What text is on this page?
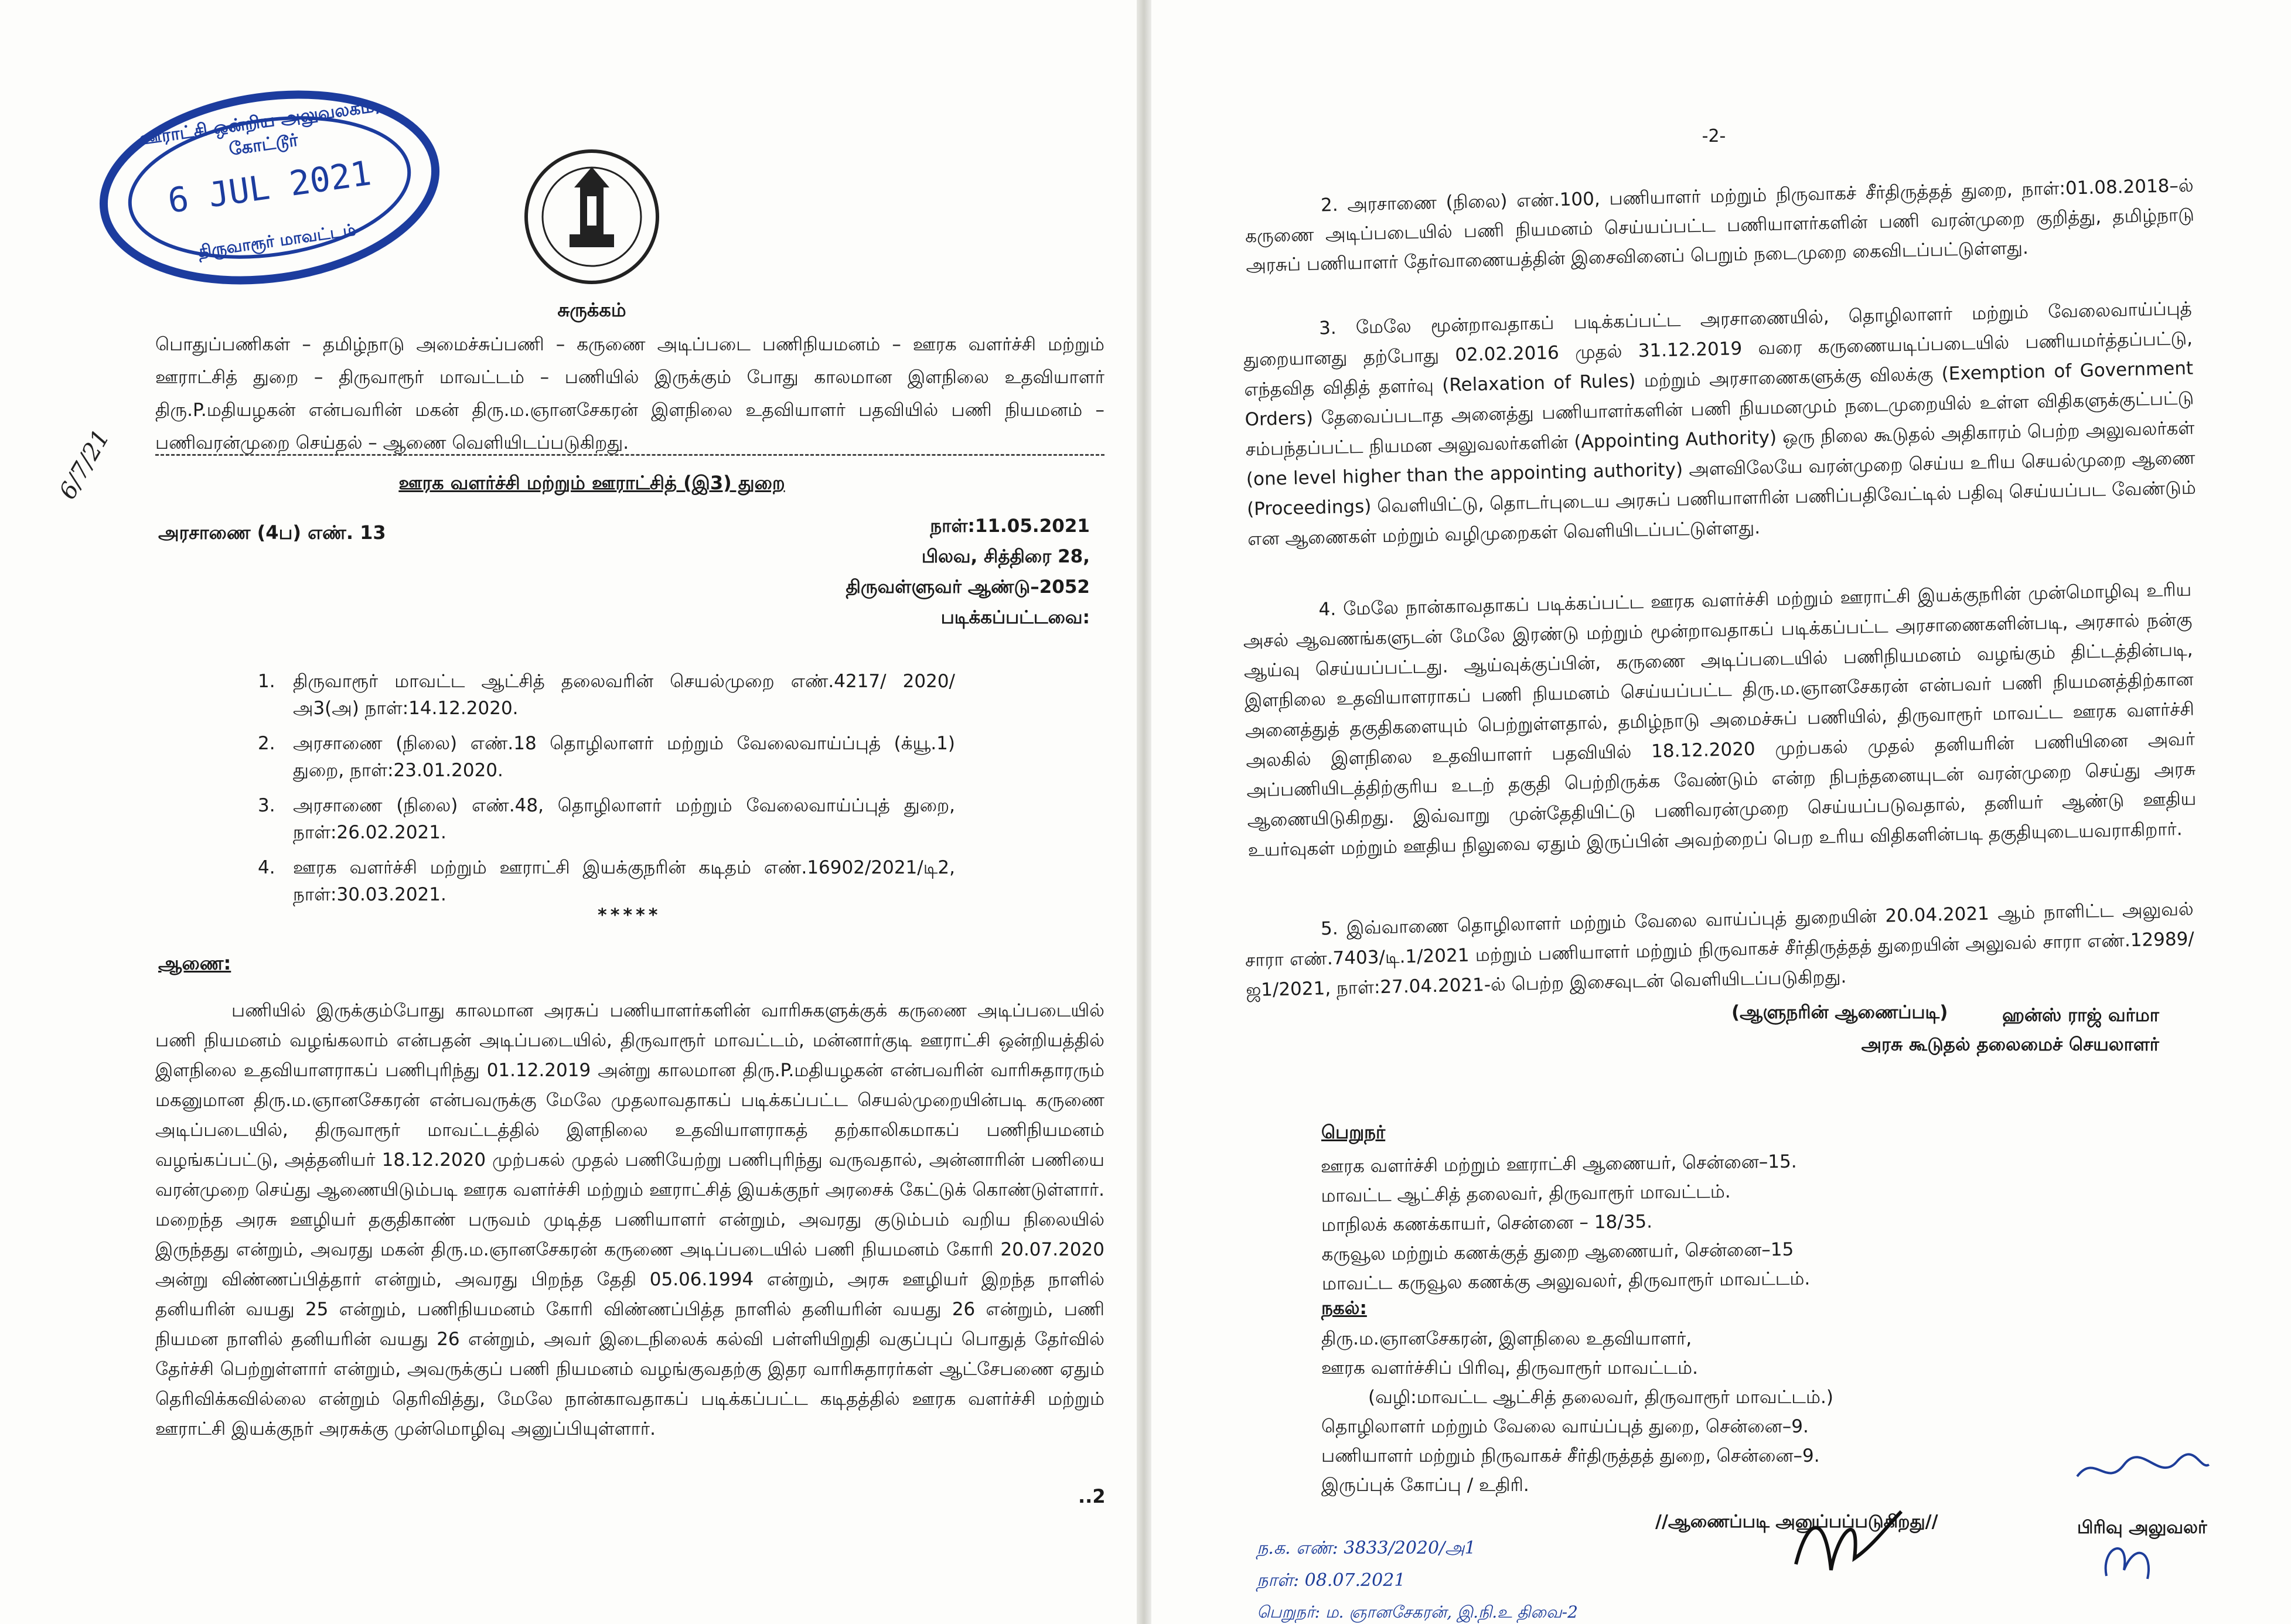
ஊராட்சி ஒன்றிய அலுவலகம், கோட்டூர்
6 JUL 2021
திருவாரூர் மாவட்டம்
6/7/21
சுருக்கம்
பொதுப்பணிகள் – தமிழ்நாடு அமைச்சுப்பணி – கருணை அடிப்படை பணிநியமனம் – ஊரக வளர்ச்சி மற்றும் ஊராட்சித் துறை – திருவாரூர் மாவட்டம் – பணியில் இருக்கும் போது காலமான இளநிலை உதவியாளர் திரு.P.மதியழகன் என்பவரின் மகன் திரு.ம.ஞானசேகரன் இளநிலை உதவியாளர் பதவியில் பணி நியமனம் – பணிவரன்முறை செய்தல் – ஆணை வெளியிடப்படுகிறது.
ஊரக வளர்ச்சி மற்றும் ஊராட்சித் (இ3) துறை
அரசாணை (4ப) எண். 13	நாள்:11.05.2021
பிலவ, சித்திரை 28,
திருவள்ளுவர் ஆண்டு–2052
படிக்கப்பட்டவை:
1. திருவாரூர் மாவட்ட ஆட்சித் தலைவரின் செயல்முறை எண்.4217/ 2020/அ3(அ) நாள்:14.12.2020.
2. அரசாணை (நிலை) எண்.18 தொழிலாளர் மற்றும் வேலைவாய்ப்புத் (க்யூ.1) துறை, நாள்:23.01.2020.
3. அரசாணை (நிலை) எண்.48, தொழிலாளர் மற்றும் வேலைவாய்ப்புத் துறை, நாள்:26.02.2021.
4. ஊரக வளர்ச்சி மற்றும் ஊராட்சி இயக்குநரின் கடிதம் எண்.16902/2021/டி2, நாள்:30.03.2021.
*****
ஆணை:
பணியில் இருக்கும்போது காலமான அரசுப் பணியாளர்களின் வாரிசுகளுக்குக் கருணை அடிப்படையில் பணி நியமனம் வழங்கலாம் என்பதன் அடிப்படையில், திருவாரூர் மாவட்டம், மன்னார்குடி ஊராட்சி ஒன்றியத்தில் இளநிலை உதவியாளராகப் பணிபுரிந்து 01.12.2019 அன்று காலமான திரு.P.மதியழகன் என்பவரின் வாரிசுதாரரும் மகனுமான திரு.ம.ஞானசேகரன் என்பவருக்கு மேலே முதலாவதாகப் படிக்கப்பட்ட செயல்முறையின்படி கருணை அடிப்படையில், திருவாரூர் மாவட்டத்தில் இளநிலை உதவியாளராகத் தற்காலிகமாகப் பணிநியமனம் வழங்கப்பட்டு, அத்தனியர் 18.12.2020 முற்பகல் முதல் பணியேற்று பணிபுரிந்து வருவதால், அன்னாரின் பணியை வரன்முறை செய்து ஆணையிடும்படி ஊரக வளர்ச்சி மற்றும் ஊராட்சித் இயக்குநர் அரசைக் கேட்டுக் கொண்டுள்ளார். மறைந்த அரசு ஊழியர் தகுதிகாண் பருவம் முடித்த பணியாளர் என்றும், அவரது குடும்பம் வறிய நிலையில் இருந்தது என்றும், அவரது மகன் திரு.ம.ஞானசேகரன் கருணை அடிப்படையில் பணி நியமனம் கோரி 20.07.2020 அன்று விண்ணப்பித்தார் என்றும், அவரது பிறந்த தேதி 05.06.1994 என்றும், அரசு ஊழியர் இறந்த நாளில் தனியரின் வயது 25 என்றும், பணிநியமனம் கோரி விண்ணப்பித்த நாளில் தனியரின் வயது 26 என்றும், பணி நியமன நாளில் தனியரின் வயது 26 என்றும், அவர் இடைநிலைக் கல்வி பள்ளியிறுதி வகுப்புப் பொதுத் தேர்வில் தேர்ச்சி பெற்றுள்ளார் என்றும், அவருக்குப் பணி நியமனம் வழங்குவதற்கு இதர வாரிசுதாரர்கள் ஆட்சேபணை ஏதும் தெரிவிக்கவில்லை என்றும் தெரிவித்து, மேலே நான்காவதாகப் படிக்கப்பட்ட கடிதத்தில் ஊரக வளர்ச்சி மற்றும் ஊராட்சி இயக்குநர் அரசுக்கு முன்மொழிவு அனுப்பியுள்ளார்.
..2
-2-
2. அரசாணை (நிலை) எண்.100, பணியாளர் மற்றும் நிருவாகச் சீர்திருத்தத் துறை, நாள்:01.08.2018–ல் கருணை அடிப்படையில் பணி நியமனம் செய்யப்பட்ட பணியாளர்களின் பணி வரன்முறை குறித்து, தமிழ்நாடு அரசுப் பணியாளர் தேர்வாணையத்தின் இசைவினைப் பெறும் நடைமுறை கைவிடப்பட்டுள்ளது.
3. மேலே மூன்றாவதாகப் படிக்கப்பட்ட அரசாணையில், தொழிலாளர் மற்றும் வேலைவாய்ப்புத் துறையானது தற்போது 02.02.2016 முதல் 31.12.2019 வரை கருணையடிப்படையில் பணியமர்த்தப்பட்டு, எந்தவித விதித் தளர்வு (Relaxation of Rules) மற்றும் அரசாணைகளுக்கு விலக்கு (Exemption of Government Orders) தேவைப்படாத அனைத்து பணியாளர்களின் பணி நியமனமும் நடைமுறையில் உள்ள விதிகளுக்குட்பட்டு சம்பந்தப்பட்ட நியமன அலுவலர்களின் (Appointing Authority) ஒரு நிலை கூடுதல் அதிகாரம் பெற்ற அலுவலர்கள் (one level higher than the appointing authority) அளவிலேயே வரன்முறை செய்ய உரிய செயல்முறை ஆணை (Proceedings) வெளியிட்டு, தொடர்புடைய அரசுப் பணியாளரின் பணிப்பதிவேட்டில் பதிவு செய்யப்பட வேண்டும் என ஆணைகள் மற்றும் வழிமுறைகள் வெளியிடப்பட்டுள்ளது.
4. மேலே நான்காவதாகப் படிக்கப்பட்ட ஊரக வளர்ச்சி மற்றும் ஊராட்சி இயக்குநரின் முன்மொழிவு உரிய அசல் ஆவணங்களுடன் மேலே இரண்டு மற்றும் மூன்றாவதாகப் படிக்கப்பட்ட அரசாணைகளின்படி, அரசால் நன்கு ஆய்வு செய்யப்பட்டது. ஆய்வுக்குப்பின், கருணை அடிப்படையில் பணிநியமனம் வழங்கும் திட்டத்தின்படி, இளநிலை உதவியாளராகப் பணி நியமனம் செய்யப்பட்ட திரு.ம.ஞானசேகரன் என்பவர் பணி நியமனத்திற்கான அனைத்துத் தகுதிகளையும் பெற்றுள்ளதால், தமிழ்நாடு அமைச்சுப் பணியில், திருவாரூர் மாவட்ட ஊரக வளர்ச்சி அலகில் இளநிலை உதவியாளர் பதவியில் 18.12.2020 முற்பகல் முதல் தனியரின் பணியினை அவர் அப்பணியிடத்திற்குரிய உடற் தகுதி பெற்றிருக்க வேண்டும் என்ற நிபந்தனையுடன் வரன்முறை செய்து அரசு ஆணையிடுகிறது. இவ்வாறு முன்தேதியிட்டு பணிவரன்முறை செய்யப்படுவதால், தனியர் ஆண்டு ஊதிய உயர்வுகள் மற்றும் ஊதிய நிலுவை ஏதும் இருப்பின் அவற்றைப் பெற உரிய விதிகளின்படி தகுதியுடையவராகிறார்.
5. இவ்வாணை தொழிலாளர் மற்றும் வேலை வாய்ப்புத் துறையின் 20.04.2021 ஆம் நாளிட்ட அலுவல் சாரா எண்.7403/டி.1/2021 மற்றும் பணியாளர் மற்றும் நிருவாகச் சீர்திருத்தத் துறையின் அலுவல் சாரா எண்.12989/ஜ1/2021, நாள்:27.04.2021-ல் பெற்ற இசைவுடன் வெளியிடப்படுகிறது.
(ஆளுநரின் ஆணைப்படி)	ஹன்ஸ் ராஜ் வர்மா
அரசு கூடுதல் தலைமைச் செயலாளர்
பெறுநர்
ஊரக வளர்ச்சி மற்றும் ஊராட்சி ஆணையர், சென்னை–15.
மாவட்ட ஆட்சித் தலைவர், திருவாரூர் மாவட்டம்.
மாநிலக் கணக்காயர், சென்னை – 18/35.
கருவூல மற்றும் கணக்குத் துறை ஆணையர், சென்னை–15
மாவட்ட கருவூல கணக்கு அலுவலர், திருவாரூர் மாவட்டம்.
நகல்:
திரு.ம.ஞானசேகரன், இளநிலை உதவியாளர்,
ஊரக வளர்ச்சிப் பிரிவு, திருவாரூர் மாவட்டம்.
(வழி:மாவட்ட ஆட்சித் தலைவர், திருவாரூர் மாவட்டம்.)
தொழிலாளர் மற்றும் வேலை வாய்ப்புத் துறை, சென்னை–9.
பணியாளர் மற்றும் நிருவாகச் சீர்திருத்தத் துறை, சென்னை–9.
இருப்புக் கோப்பு / உதிரி.
//ஆணைப்படி அனுப்பப்படுகிறது//	பிரிவு அலுவலர்
ந.க. எண்: 3833/2020/அ1
நாள்: 08.07.2021
பெறுநர்: ம. ஞானசேகரன், இ.நி.உ திவை-2
